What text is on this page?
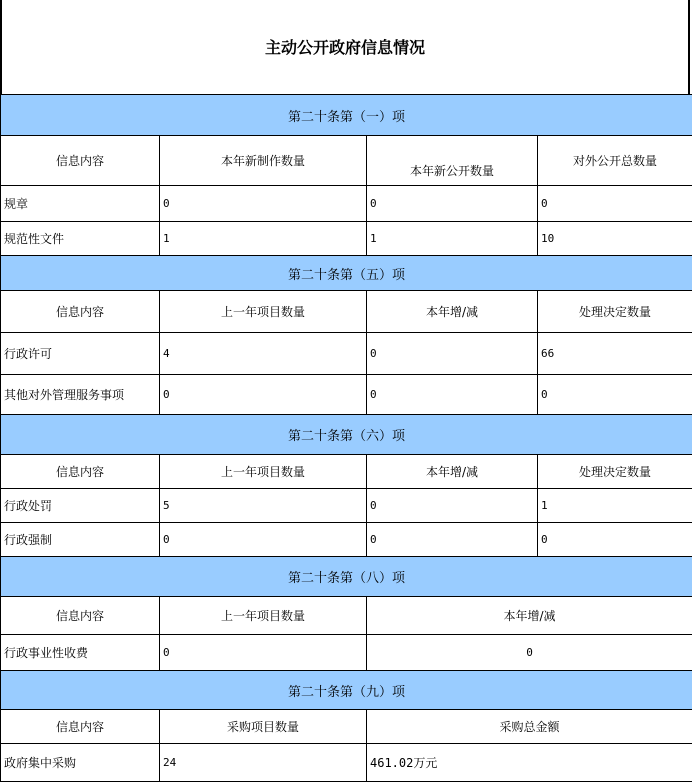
主动公开政府信息情况
第二十条第（一）项			
信息内容	本年新制作数量	本年新公开数量	对外公开总数量
规章	0	0	0
规范性文件	1	1	10
第二十条第（五）项			
信息内容	上一年项目数量	本年增/减	处理决定数量
行政许可	4	0	66
其他对外管理服务事项	0	0	0
第二十条第（六）项			
信息内容	上一年项目数量	本年增/减	处理决定数量
行政处罚	5	0	1
行政强制	0	0	0
第二十条第（八）项			
信息内容	上一年项目数量	本年增/减	
行政事业性收费	0	0	
第二十条第（九）项			
信息内容	采购项目数量	采购总金额	
政府集中采购	24	461.02万元	
